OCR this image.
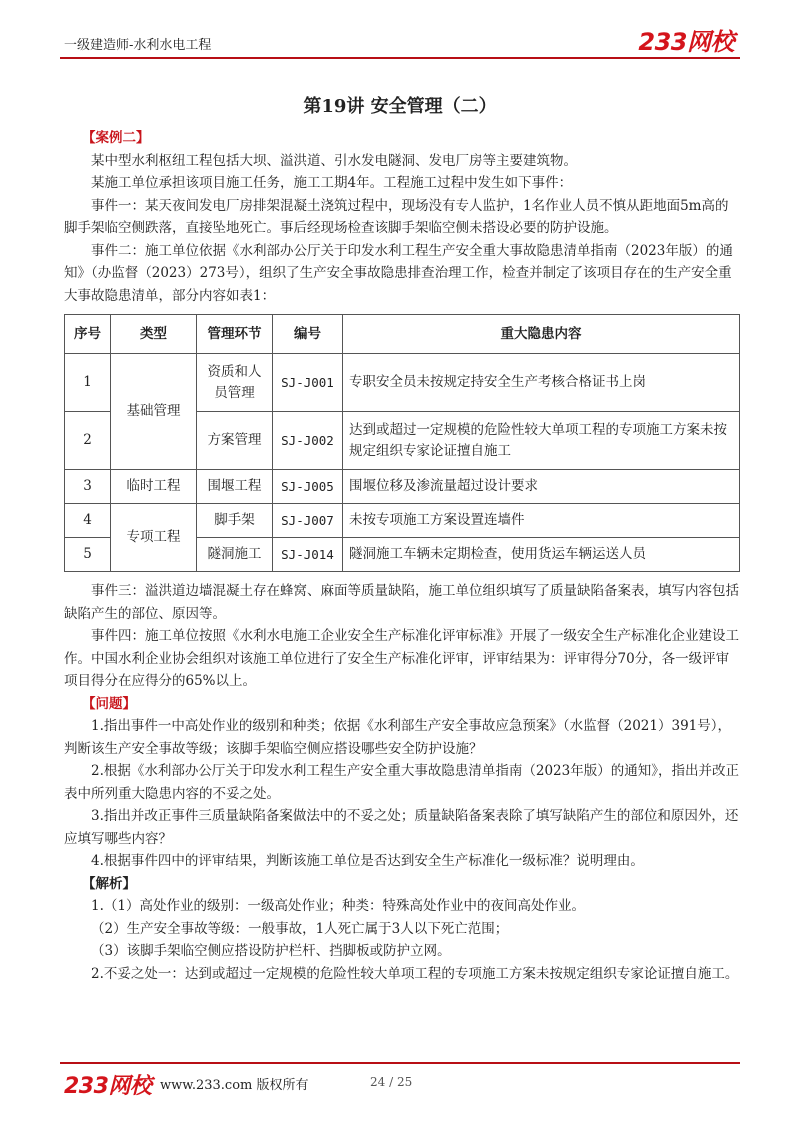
一级建造师-水利水电工程	233网校
第19讲 安全管理（二）

【案例二】

某中型水利枢纽工程包括大坝、溢洪道、引水发电隧洞、发电厂房等主要建筑物。

某施工单位承担该项目施工任务，施工工期4年。工程施工过程中发生如下事件：

事件一：某天夜间发电厂房排架混凝土浇筑过程中，现场没有专人监护，1名作业人员不慎从距地面5m高的脚手架临空侧跌落，直接坠地死亡。事后经现场检查该脚手架临空侧未搭设必要的防护设施。

事件二：施工单位依据《水利部办公厅关于印发水利工程生产安全重大事故隐患清单指南（2023年版）的通知》（办监督（2023）273号），组织了生产安全事故隐患排查治理工作，检查并制定了该项目存在的生产安全重大事故隐患清单，部分内容如表1：

序号	类型	管理环节	编号	重大隐患内容
1	基础管理	资质和人员管理	SJ-J001	专职安全员未按规定持安全生产考核合格证书上岗
2		方案管理	SJ-J002	达到或超过一定规模的危险性较大单项工程的专项施工方案未按规定组织专家论证擅自施工
3	临时工程	围堰工程	SJ-J005	围堰位移及渗流量超过设计要求
4	专项工程	脚手架	SJ-J007	未按专项施工方案设置连墙件
5		隧洞施工	SJ-J014	隧洞施工车辆未定期检查，使用货运车辆运送人员

事件三：溢洪道边墙混凝土存在蜂窝、麻面等质量缺陷，施工单位组织填写了质量缺陷备案表，填写内容包括缺陷产生的部位、原因等。

事件四：施工单位按照《水利水电施工企业安全生产标准化评审标准》开展了一级安全生产标准化企业建设工作。中国水利企业协会组织对该施工单位进行了安全生产标准化评审，评审结果为：评审得分70分，各一级评审项目得分在应得分的65%以上。

【问题】

1.指出事件一中高处作业的级别和种类；依据《水利部生产安全事故应急预案》（水监督（2021）391号），判断该生产安全事故等级；该脚手架临空侧应搭设哪些安全防护设施？

2.根据《水利部办公厅关于印发水利工程生产安全重大事故隐患清单指南（2023年版）的通知》，指出并改正表中所列重大隐患内容的不妥之处。

3.指出并改正事件三质量缺陷备案做法中的不妥之处；质量缺陷备案表除了填写缺陷产生的部位和原因外，还应填写哪些内容？

4.根据事件四中的评审结果，判断该施工单位是否达到安全生产标准化一级标准？说明理由。

【解析】

1.（1）高处作业的级别：一级高处作业；种类：特殊高处作业中的夜间高处作业。

（2）生产安全事故等级：一般事故，1人死亡属于3人以下死亡范围；

（3）该脚手架临空侧应搭设防护栏杆、挡脚板或防护立网。

2.不妥之处一：达到或超过一定规模的危险性较大单项工程的专项施工方案未按规定组织专家论证擅自施工。

233网校 www.233.com 版权所有	24 / 25
